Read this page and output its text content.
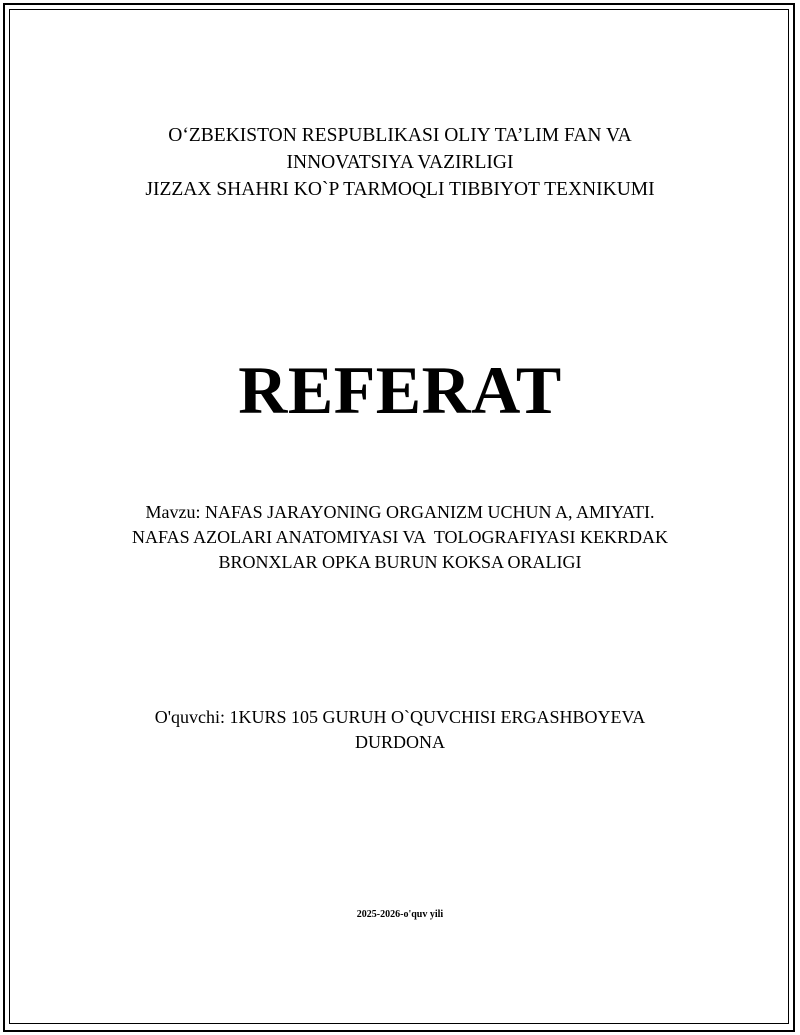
O‘ZBEKISTON RESPUBLIKASI OLIY TA’LIM FAN VA
INNOVATSIYA VAZIRLIGI
JIZZAX SHAHRI KO`P TARMOQLI TIBBIYOT TEXNIKUMI
REFERAT
Mavzu: NAFAS JARAYONING ORGANIZM UCHUN A, AMIYATI.
NAFAS AZOLARI ANATOMIYASI VA  TOLOGRAFIYASI KEKRDAK
BRONXLAR OPKA BURUN KOKSA ORALIGI
O'quvchi: 1KURS 105 GURUH O`QUVCHISI ERGASHBOYEVA
DURDONA
2025-2026-o'quv yili
